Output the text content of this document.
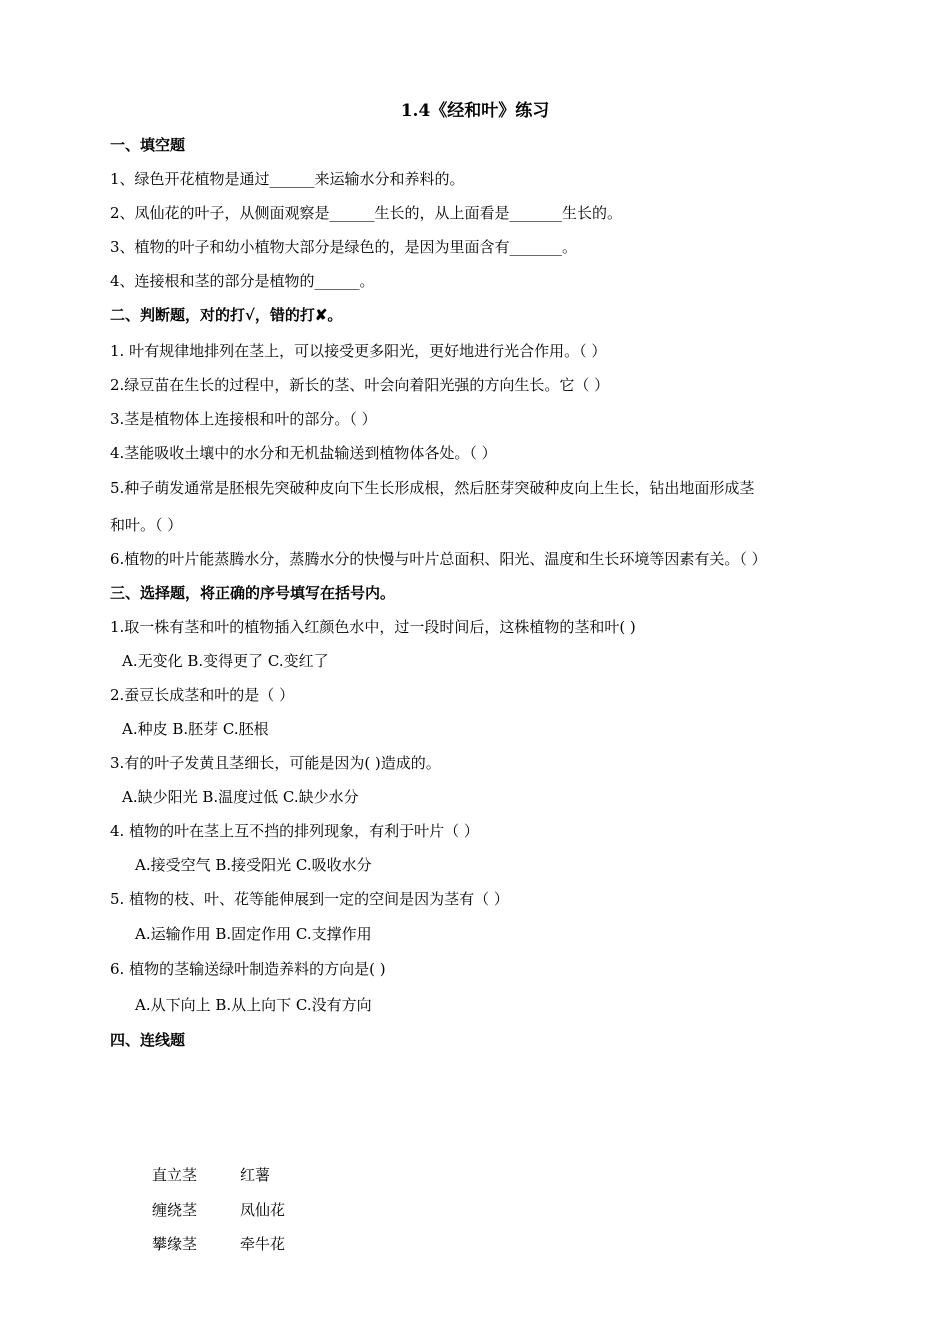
1.4《经和叶》练习
一、填空题
1、绿色开花植物是通过______来运输水分和养料的。
2、凤仙花的叶子，从侧面观察是______生长的，从上面看是_______生长的。
3、植物的叶子和幼小植物大部分是绿色的，是因为里面含有_______。
4、连接根和茎的部分是植物的______。
二、判断题，对的打√，错的打✘。
1. 叶有规律地排列在茎上，可以接受更多阳光，更好地进行光合作用。（ ）
2.绿豆苗在生长的过程中，新长的茎、叶会向着阳光强的方向生长。它（ ）
3.茎是植物体上连接根和叶的部分。（ ）
4.茎能吸收土壤中的水分和无机盐输送到植物体各处。（ ）
5.种子萌发通常是胚根先突破种皮向下生长形成根，然后胚芽突破种皮向上生长，钻出地面形成茎
和叶。（ ）
6.植物的叶片能蒸腾水分，蒸腾水分的快慢与叶片总面积、阳光、温度和生长环境等因素有关。（ ）
三、选择题，将正确的序号填写在括号内。
1.取一株有茎和叶的植物插入红颜色水中，过一段时间后，这株植物的茎和叶( )
A.无变化 B.变得更了 C.变红了
2.蚕豆长成茎和叶的是（ ）
A.种皮 B.胚芽 C.胚根
3.有的叶子发黄且茎细长，可能是因为( )造成的。
A.缺少阳光 B.温度过低 C.缺少水分
4. 植物的叶在茎上互不挡的排列现象，有利于叶片（ ）
A.接受空气 B.接受阳光 C.吸收水分
5. 植物的枝、叶、花等能伸展到一定的空间是因为茎有（ ）
A.运输作用 B.固定作用 C.支撑作用
6. 植物的茎输送绿叶制造养料的方向是( )
A.从下向上 B.从上向下 C.没有方向
四、连线题
直立茎	红薯
缠绕茎	凤仙花
攀缘茎	牵牛花
